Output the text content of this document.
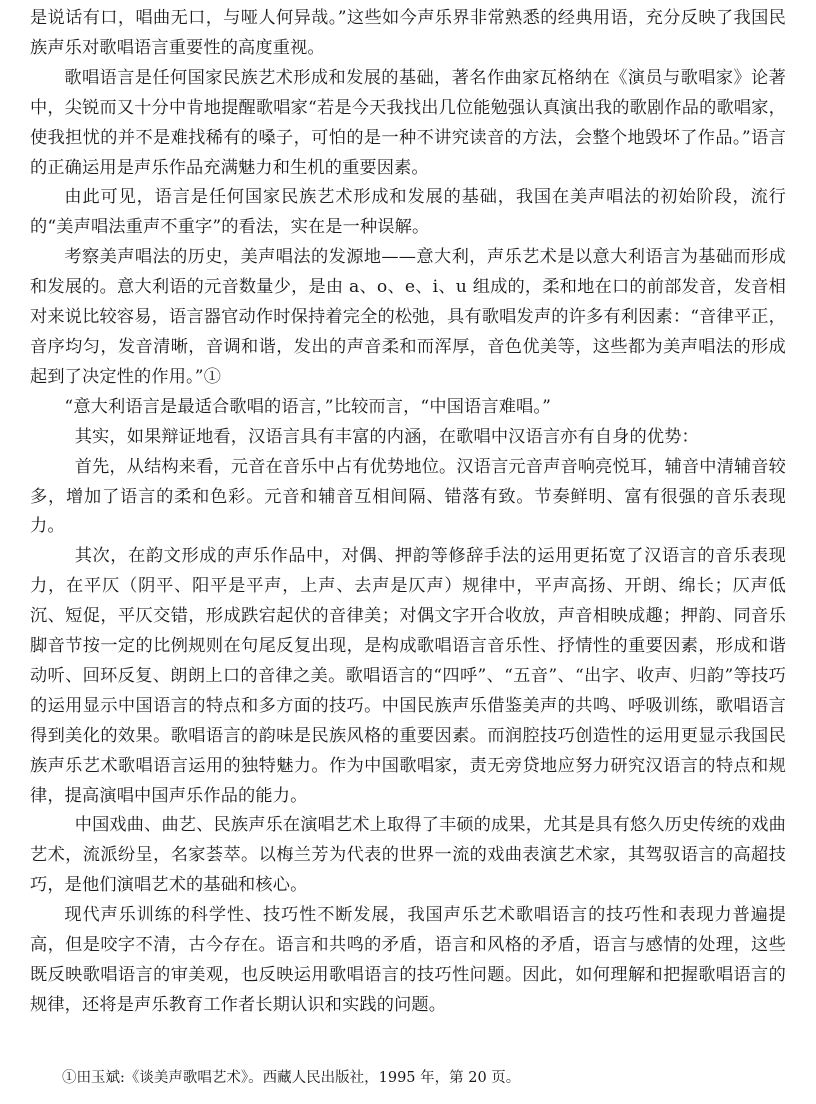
是说话有口，唱曲无口，与哑人何异哉。”这些如今声乐界非常熟悉的经典用语，充分反映了我国民族声乐对歌唱语言重要性的高度重视。

歌唱语言是任何国家民族艺术形成和发展的基础，著名作曲家瓦格纳在《演员与歌唱家》论著中，尖锐而又十分中肯地提醒歌唱家“若是今天我找出几位能勉强认真演出我的歌剧作品的歌唱家，使我担忧的并不是难找稀有的嗓子，可怕的是一种不讲究读音的方法，会整个地毁坏了作品。”语言的正确运用是声乐作品充满魅力和生机的重要因素。

由此可见，语言是任何国家民族艺术形成和发展的基础，我国在美声唱法的初始阶段，流行的“美声唱法重声不重字”的看法，实在是一种误解。

考察美声唱法的历史，美声唱法的发源地——意大利，声乐艺术是以意大利语言为基础而形成和发展的。意大利语的元音数量少，是由 a、o、e、i、u 组成的，柔和地在口的前部发音，发音相对来说比较容易，语言器官动作时保持着完全的松弛，具有歌唱发声的许多有利因素：“音律平正，音序均匀，发音清晰，音调和谐，发出的声音柔和而浑厚，音色优美等，这些都为美声唱法的形成起到了决定性的作用。”①

“意大利语言是最适合歌唱的语言，”比较而言，“中国语言难唱。”

其实，如果辩证地看，汉语言具有丰富的内涵，在歌唱中汉语言亦有自身的优势：

首先，从结构来看，元音在音乐中占有优势地位。汉语言元音声音响亮悦耳，辅音中清辅音较多，增加了语言的柔和色彩。元音和辅音互相间隔、错落有致。节奏鲜明、富有很强的音乐表现力。

其次，在韵文形成的声乐作品中，对偶、押韵等修辞手法的运用更拓宽了汉语言的音乐表现力，在平仄（阴平、阳平是平声，上声、去声是仄声）规律中，平声高扬、开朗、绵长；仄声低沉、短促，平仄交错，形成跌宕起伏的音律美；对偶文字开合收放，声音相映成趣；押韵、同音乐脚音节按一定的比例规则在句尾反复出现，是构成歌唱语言音乐性、抒情性的重要因素，形成和谐动听、回环反复、朗朗上口的音律之美。歌唱语言的“四呼”、“五音”、“出字、收声、归韵”等技巧的运用显示中国语言的特点和多方面的技巧。中国民族声乐借鉴美声的共鸣、呼吸训练，歌唱语言得到美化的效果。歌唱语言的韵味是民族风格的重要因素。而润腔技巧创造性的运用更显示我国民族声乐艺术歌唱语言运用的独特魅力。作为中国歌唱家，责无旁贷地应努力研究汉语言的特点和规律，提高演唱中国声乐作品的能力。

中国戏曲、曲艺、民族声乐在演唱艺术上取得了丰硕的成果，尤其是具有悠久历史传统的戏曲艺术，流派纷呈，名家荟萃。以梅兰芳为代表的世界一流的戏曲表演艺术家，其驾驭语言的高超技巧，是他们演唱艺术的基础和核心。

现代声乐训练的科学性、技巧性不断发展，我国声乐艺术歌唱语言的技巧性和表现力普遍提高，但是咬字不清，古今存在。语言和共鸣的矛盾，语言和风格的矛盾，语言与感情的处理，这些既反映歌唱语言的审美观，也反映运用歌唱语言的技巧性问题。因此，如何理解和把握歌唱语言的规律，还将是声乐教育工作者长期认识和实践的问题。

①田玉斌:《谈美声歌唱艺术》。西藏人民出版社，1995 年，第 20 页。
